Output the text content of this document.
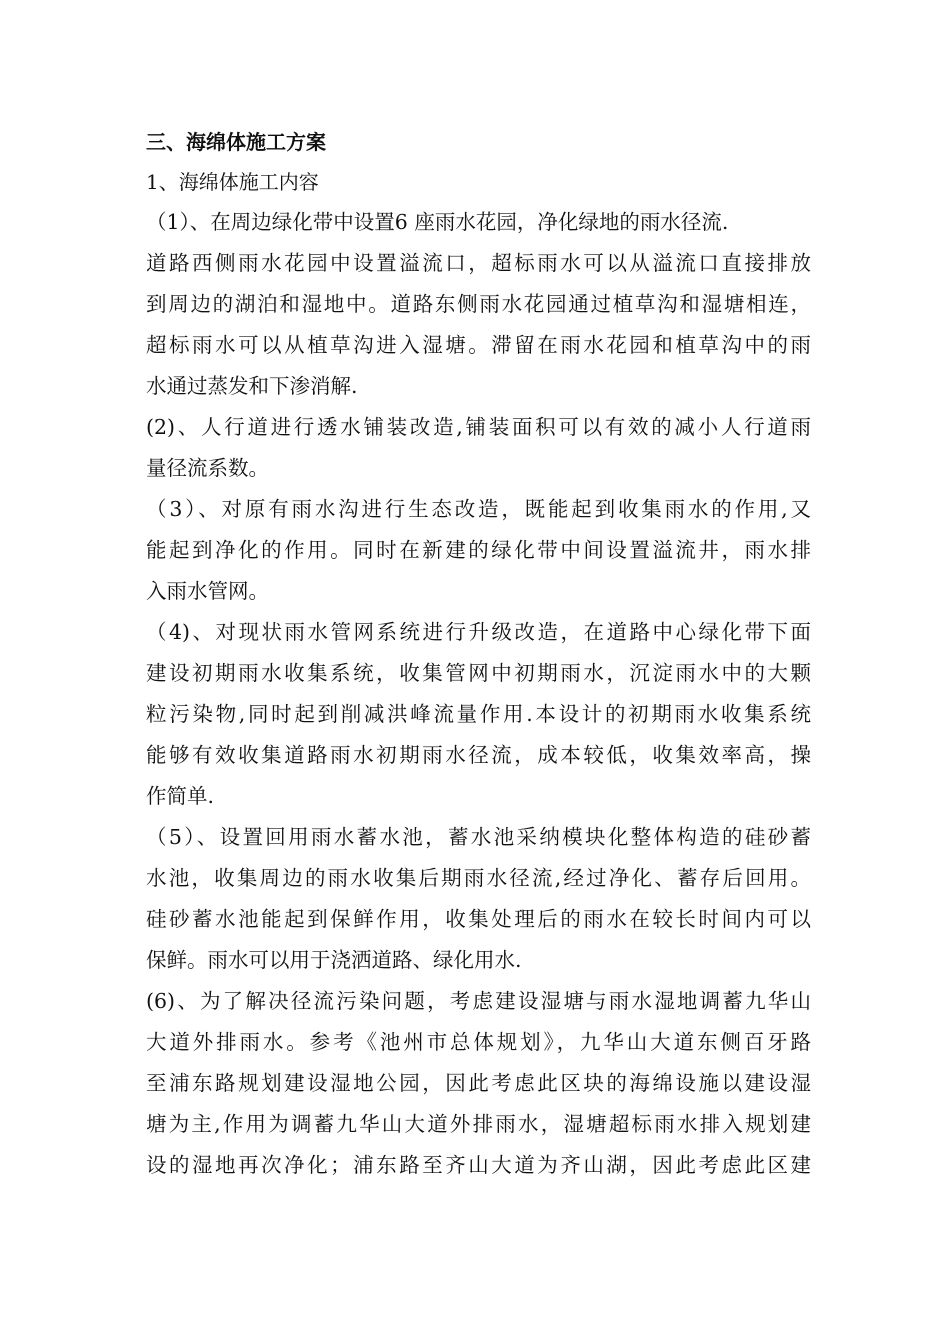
三、海绵体施工方案
1、海绵体施工内容
（1）、在周边绿化带中设置6 座雨水花园，净化绿地的雨水径流.
道路西侧雨水花园中设置溢流口，超标雨水可以从溢流口直接排放
到周边的湖泊和湿地中。道路东侧雨水花园通过植草沟和湿塘相连，
超标雨水可以从植草沟进入湿塘。滞留在雨水花园和植草沟中的雨
水通过蒸发和下渗消解.
(2)、人行道进行透水铺装改造,铺装面积可以有效的减小人行道雨
量径流系数。
（3）、对原有雨水沟进行生态改造，既能起到收集雨水的作用,又
能起到净化的作用。同时在新建的绿化带中间设置溢流井，雨水排
入雨水管网。
（4)、对现状雨水管网系统进行升级改造，在道路中心绿化带下面
建设初期雨水收集系统，收集管网中初期雨水，沉淀雨水中的大颗
粒污染物,同时起到削减洪峰流量作用.本设计的初期雨水收集系统
能够有效收集道路雨水初期雨水径流，成本较低，收集效率高，操
作简单.
（5）、设置回用雨水蓄水池，蓄水池采纳模块化整体构造的硅砂蓄
水池，收集周边的雨水收集后期雨水径流,经过净化、蓄存后回用。
硅砂蓄水池能起到保鲜作用，收集处理后的雨水在较长时间内可以
保鲜。雨水可以用于浇洒道路、绿化用水.
(6)、为了解决径流污染问题，考虑建设湿塘与雨水湿地调蓄九华山
大道外排雨水。参考《池州市总体规划》，九华山大道东侧百牙路
至浦东路规划建设湿地公园，因此考虑此区块的海绵设施以建设湿
塘为主,作用为调蓄九华山大道外排雨水，湿塘超标雨水排入规划建
设的湿地再次净化；浦东路至齐山大道为齐山湖，因此考虑此区建
